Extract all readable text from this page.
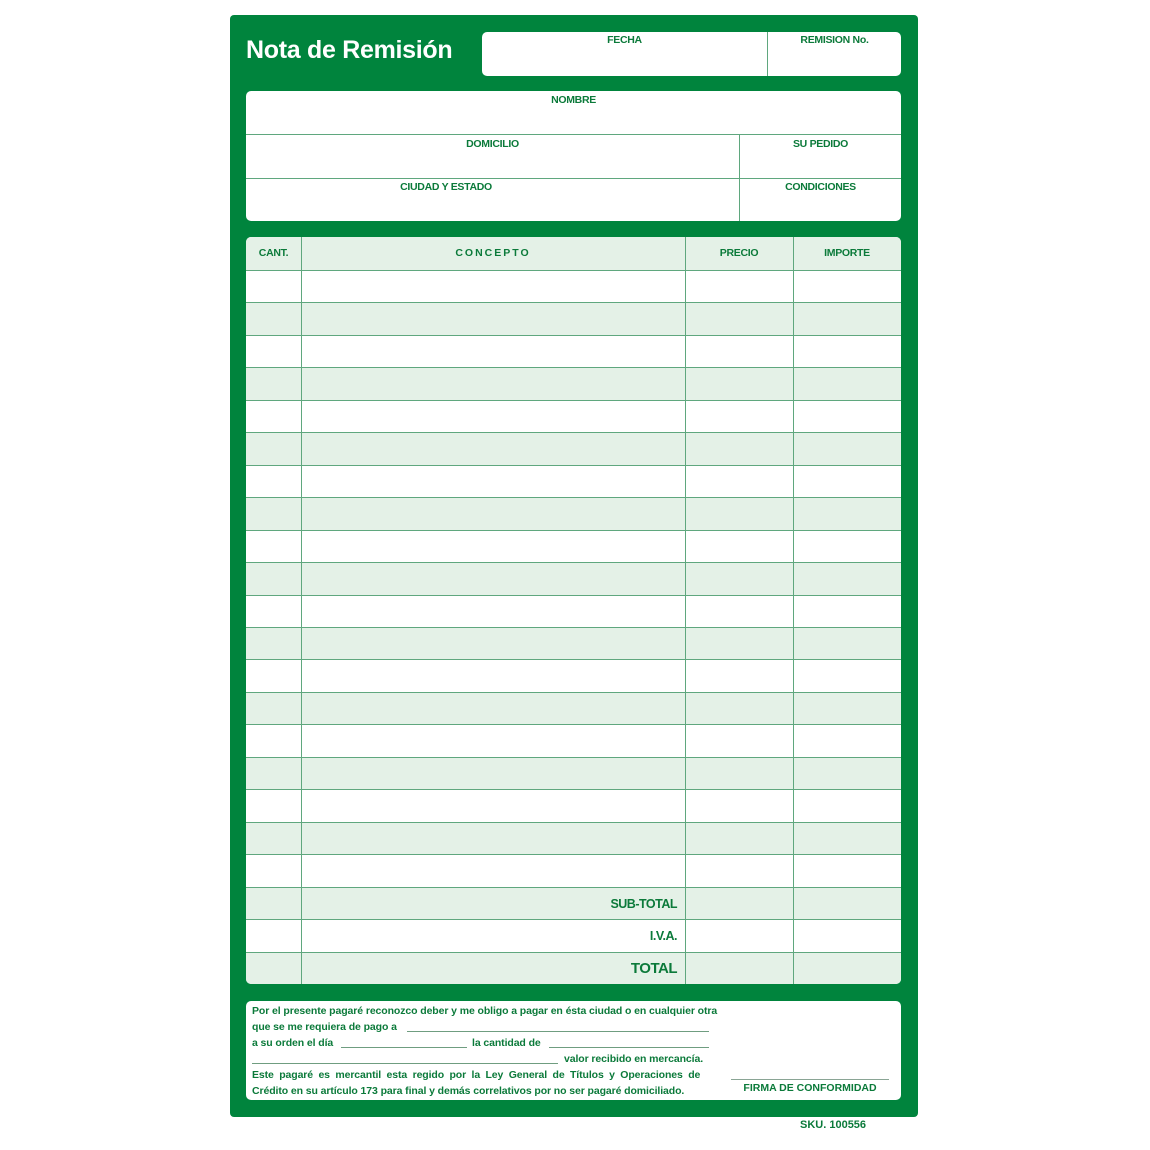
Nota de Remisión	FECHA	REMISION No.
NOMBRE
DOMICILIO	SU PEDIDO
CIUDAD Y ESTADO	CONDICIONES
CANT.	CONCEPTO	PRECIO	IMPORTE
SUB-TOTAL
I.V.A.
TOTAL
Por el presente pagaré reconozco deber y me obligo a pagar en ésta ciudad o en cualquier otra
que se me requiera de pago a
a su orden el día	la cantidad de
valor recibido en mercancía.
Este pagaré es mercantil esta regido por la Ley General de Títulos y Operaciones de
Crédito en su artículo 173 para final y demás correlativos por no ser pagaré domiciliado.	FIRMA DE CONFORMIDAD
SKU. 100556
